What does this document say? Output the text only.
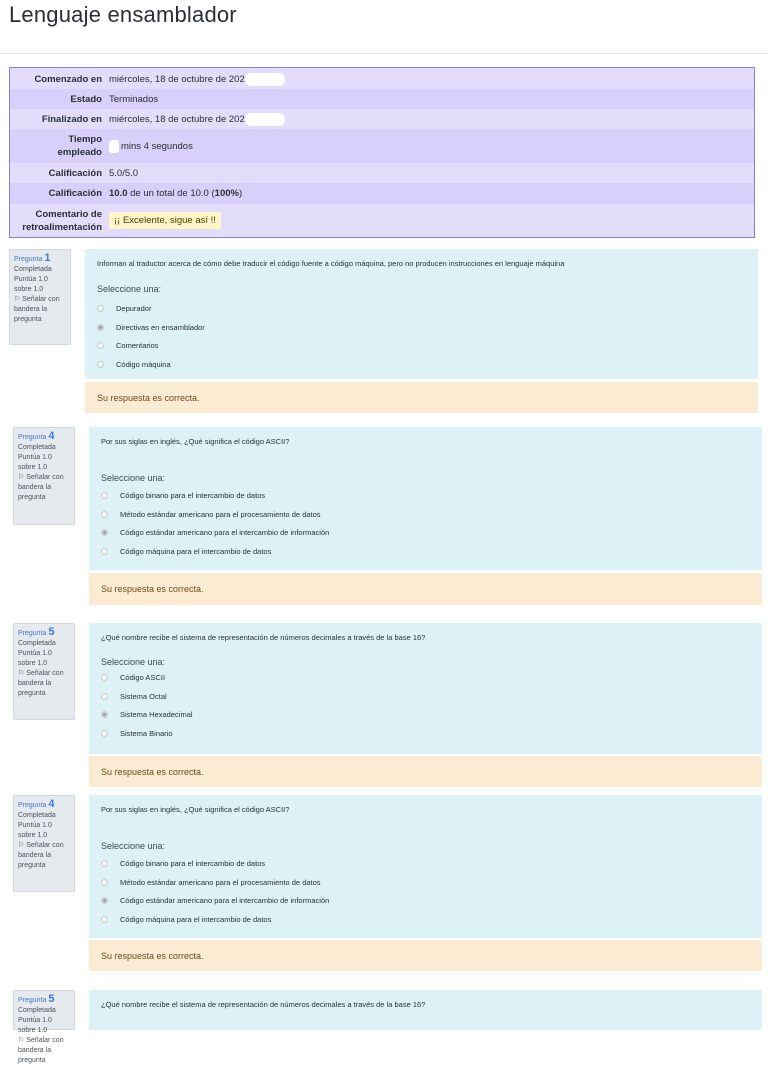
Lenguaje ensamblador
Comenzado en miércoles, 18 de octubre de 202
Estado Terminados
Finalizado en miércoles, 18 de octubre de 202
Tiempo empleado
mins 4 segundos
Calificación 5.0/5.0
Calificación 10.0 de un total de 10.0 (100%)
Comentario de retroalimentación
¡¡ Excelente, sigue así !!
Pregunta 1
Completada
Puntúa 1.0
sobre 1.0
⚐ Señalar con bandera la pregunta
Informan al traductor acerca de cómo debe traducir el código fuente a código máquina, pero no producen instrucciones en lenguaje máquina
Seleccione una:
Depurador
Directivas en ensamblador
Comentarios
Código máquina
Su respuesta es correcta.
Pregunta 4
Completada
Puntúa 1.0
sobre 1.0
⚐ Señalar con bandera la pregunta
Por sus siglas en inglés, ¿Qué significa el código ASCII?
Seleccione una:
Código binario para el intercambio de datos
Método estándar americano para el procesamiento de datos
Código estándar americano para el intercambio de información
Código máquina para el intercambio de datos
Su respuesta es correcta.
Pregunta 5
Completada
Puntúa 1.0
sobre 1.0
⚐ Señalar con bandera la pregunta
¿Qué nombre recibe el sistema de representación de números decimales a través de la base 16?
Seleccione una:
Código ASCII
Sistema Octal
Sistema Hexadecimal
Sistema Binario
Su respuesta es correcta.
Pregunta 4
Completada
Puntúa 1.0
sobre 1.0
⚐ Señalar con bandera la pregunta
Por sus siglas en inglés, ¿Qué significa el código ASCII?
Seleccione una:
Código binario para el intercambio de datos
Método estándar americano para el procesamiento de datos
Código estándar americano para el intercambio de información
Código máquina para el intercambio de datos
Su respuesta es correcta.
Pregunta 5
Completada
Puntúa 1.0
sobre 1.0
⚐ Señalar con bandera la pregunta
¿Qué nombre recibe el sistema de representación de números decimales a través de la base 16?
